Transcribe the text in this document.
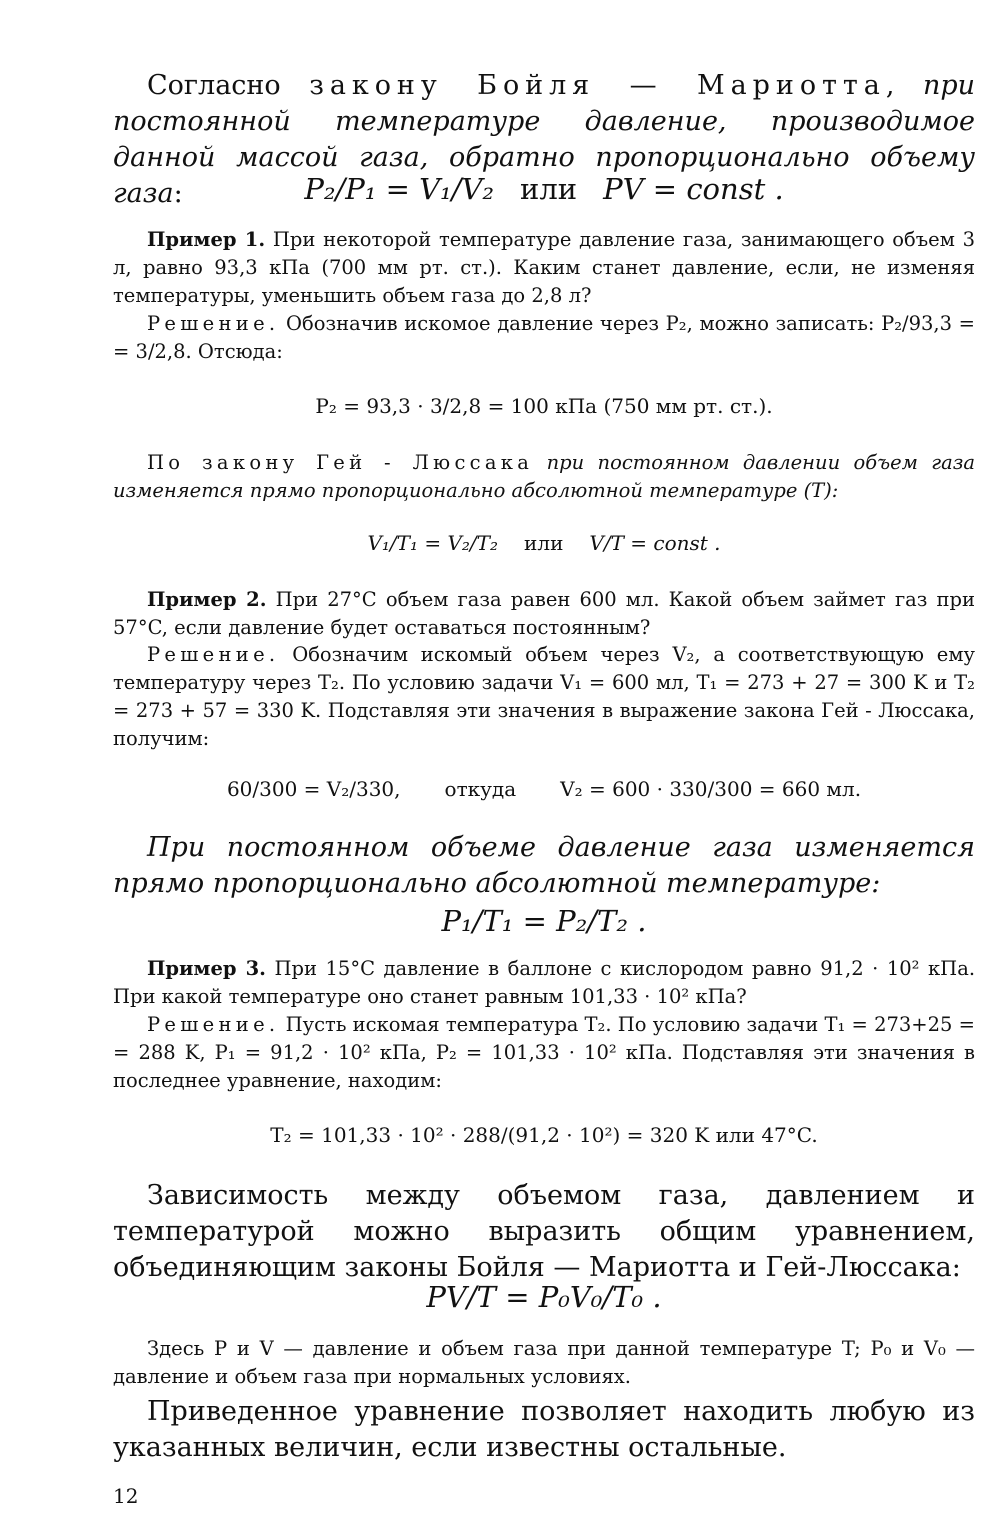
Согласно закону Бойля — Мариотта, при постоянной температуре давление, производимое данной массой газа, обратно пропорционально объему газа:	P₂/P₁ = V₁/V₂ или PV = const .

Пример 1. При некоторой температуре давление газа, занимающего объем 3 л, равно 93,3 кПа (700 мм рт. ст.). Каким станет давление, если, не изменяя температуры, уменьшить объем газа до 2,8 л?

Решение. Обозначив искомое давление через P₂, можно записать: P₂/93,3 = = 3/2,8. Отсюда:

P₂ = 93,3 · 3/2,8 = 100 кПа (750 мм рт. ст.).

По закону Гей - Люссака при постоянном давлении объем газа изменяется прямо пропорционально абсолютной температуре (T):

V₁/T₁ = V₂/T₂ или V/T = const .

Пример 2. При 27°C объем газа равен 600 мл. Какой объем займет газ при 57°C, если давление будет оставаться постоянным?

Решение. Обозначим искомый объем через V₂, а соответствующую ему температуру через T₂. По условию задачи V₁ = 600 мл, T₁ = 273 + 27 = 300 K и T₂ = 273 + 57 = 330 K. Подставляя эти значения в выражение закона Гей - Люссака, получим:

60/300 = V₂/330, откуда V₂ = 600 · 330/300 = 660 мл.

При постоянном объеме давление газа изменяется прямо пропорционально абсолютной температуре:

P₁/T₁ = P₂/T₂ .

Пример 3. При 15°C давление в баллоне с кислородом равно 91,2 · 10² кПа. При какой температуре оно станет равным 101,33 · 10² кПа?

Решение. Пусть искомая температура T₂. По условию задачи T₁ = 273+25 = = 288 K, P₁ = 91,2 · 10² кПа, P₂ = 101,33 · 10² кПа. Подставляя эти значения в последнее уравнение, находим:

T₂ = 101,33 · 10² · 288/(91,2 · 10²) = 320 K или 47°C.

Зависимость между объемом газа, давлением и температурой можно выразить общим уравнением, объединяющим законы Бойля — Мариотта и Гей-Люссака:

PV/T = P₀V₀/T₀ .

Здесь P и V — давление и объем газа при данной температуре T; P₀ и V₀ — давление и объем газа при нормальных условиях.

Приведенное уравнение позволяет находить любую из указанных величин, если известны остальные.

12
